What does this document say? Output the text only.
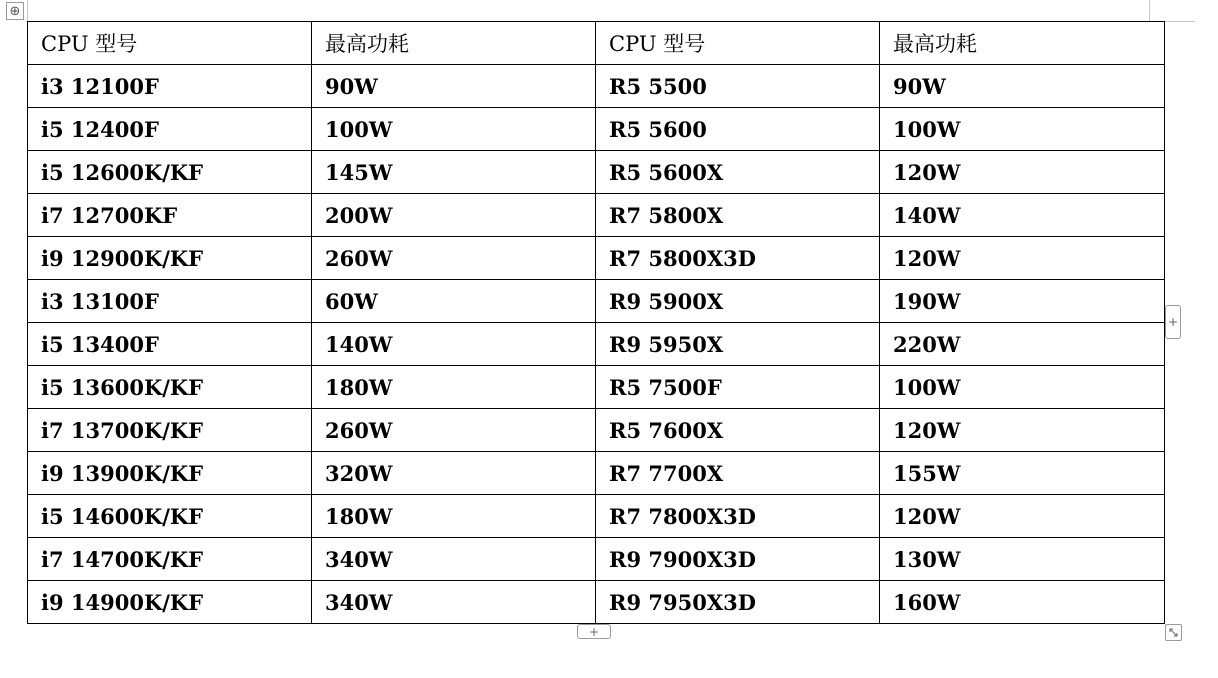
⊕
CPU 型号	最高功耗	CPU 型号	最高功耗
i3 12100F	90W	R5 5500	90W
i5 12400F	100W	R5 5600	100W
i5 12600K/KF	145W	R5 5600X	120W
i7 12700KF	200W	R7 5800X	140W
i9 12900K/KF	260W	R7 5800X3D	120W
i3 13100F	60W	R9 5900X	190W
i5 13400F	140W	R9 5950X	220W
i5 13600K/KF	180W	R5 7500F	100W
i7 13700K/KF	260W	R5 7600X	120W
i9 13900K/KF	320W	R7 7700X	155W
i5 14600K/KF	180W	R7 7800X3D	120W
i7 14700K/KF	340W	R9 7900X3D	130W
i9 14900K/KF	340W	R9 7950X3D	160W
+
+
